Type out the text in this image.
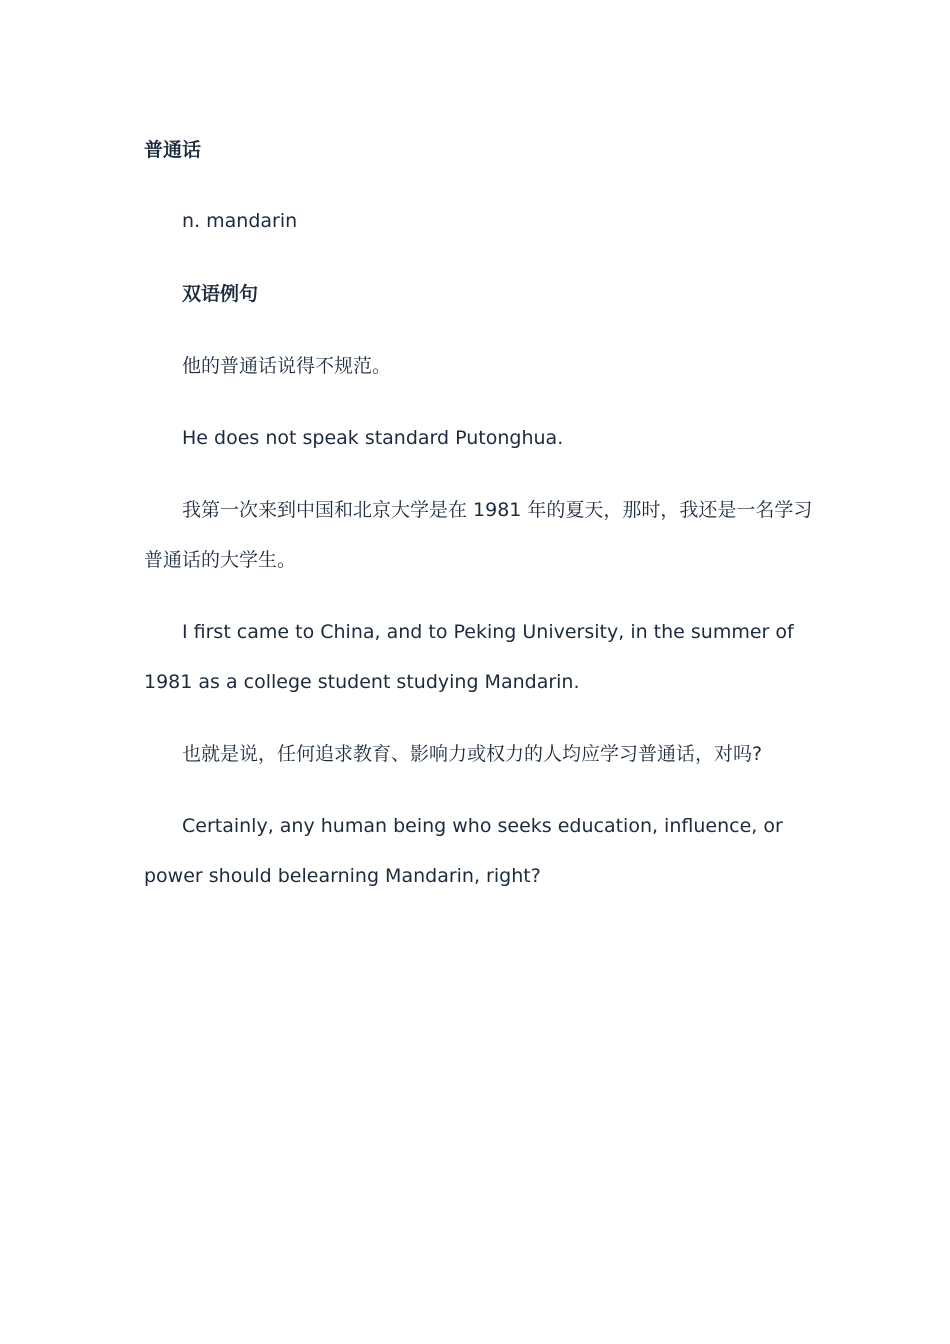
普通话
n. mandarin
双语例句
他的普通话说得不规范。
He does not speak standard Putonghua.
我第一次来到中国和北京大学是在 1981 年的夏天，那时，我还是一名学习
普通话的大学生。
I first came to China, and to Peking University, in the summer of
1981 as a college student studying Mandarin.
也就是说，任何追求教育、影响力或权力的人均应学习普通话，对吗?
Certainly, any human being who seeks education, influence, or
power should belearning Mandarin, right?
